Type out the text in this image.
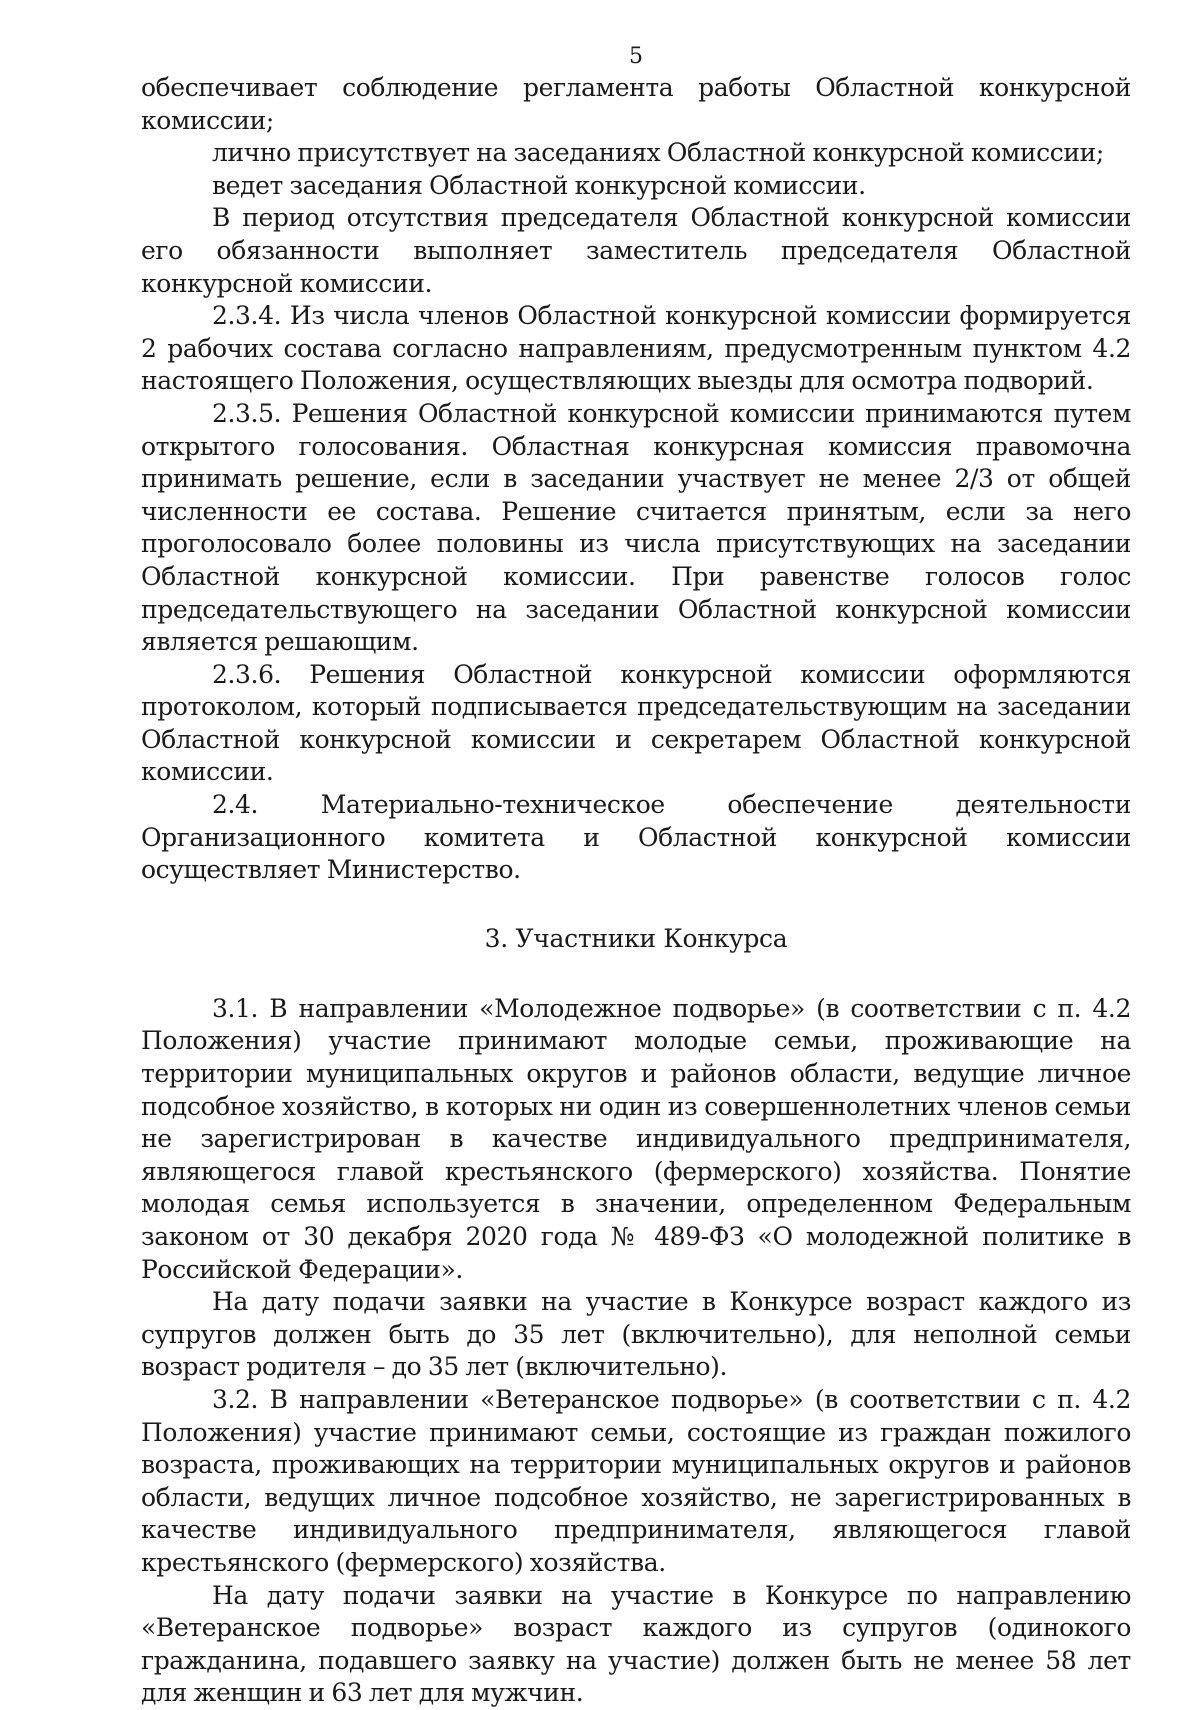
5

обеспечивает соблюдение регламента работы Областной конкурсной комиссии;

лично присутствует на заседаниях Областной конкурсной комиссии;

ведет заседания Областной конкурсной комиссии.

В период отсутствия председателя Областной конкурсной комиссии его обязанности выполняет заместитель председателя Областной конкурсной комиссии.

2.3.4. Из числа членов Областной конкурсной комиссии формируется 2 рабочих состава согласно направлениям, предусмотренным пунктом 4.2 настоящего Положения, осуществляющих выезды для осмотра подворий.

2.3.5. Решения Областной конкурсной комиссии принимаются путем открытого голосования. Областная конкурсная комиссия правомочна принимать решение, если в заседании участвует не менее 2/3 от общей численности ее состава. Решение считается принятым, если за него проголосовало более половины из числа присутствующих на заседании Областной конкурсной комиссии. При равенстве голосов голос председательствующего на заседании Областной конкурсной комиссии является решающим.

2.3.6. Решения Областной конкурсной комиссии оформляются протоколом, который подписывается председательствующим на заседании Областной конкурсной комиссии и секретарем Областной конкурсной комиссии.

2.4. Материально-техническое обеспечение деятельности Организационного комитета и Областной конкурсной комиссии осуществляет Министерство.

3. Участники Конкурса

3.1. В направлении «Молодежное подворье» (в соответствии с п. 4.2 Положения) участие принимают молодые семьи, проживающие на территории муниципальных округов и районов области, ведущие личное подсобное хозяйство, в которых ни один из совершеннолетних членов семьи не зарегистрирован в качестве индивидуального предпринимателя, являющегося главой крестьянского (фермерского) хозяйства. Понятие молодая семья используется в значении, определенном Федеральным законом от 30 декабря 2020 года № 489-ФЗ «О молодежной политике в Российской Федерации».

На дату подачи заявки на участие в Конкурсе возраст каждого из супругов должен быть до 35 лет (включительно), для неполной семьи возраст родителя – до 35 лет (включительно).

3.2. В направлении «Ветеранское подворье» (в соответствии с п. 4.2 Положения) участие принимают семьи, состоящие из граждан пожилого возраста, проживающих на территории муниципальных округов и районов области, ведущих личное подсобное хозяйство, не зарегистрированных в качестве индивидуального предпринимателя, являющегося главой крестьянского (фермерского) хозяйства.

На дату подачи заявки на участие в Конкурсе по направлению «Ветеранское подворье» возраст каждого из супругов (одинокого гражданина, подавшего заявку на участие) должен быть не менее 58 лет для женщин и 63 лет для мужчин.
